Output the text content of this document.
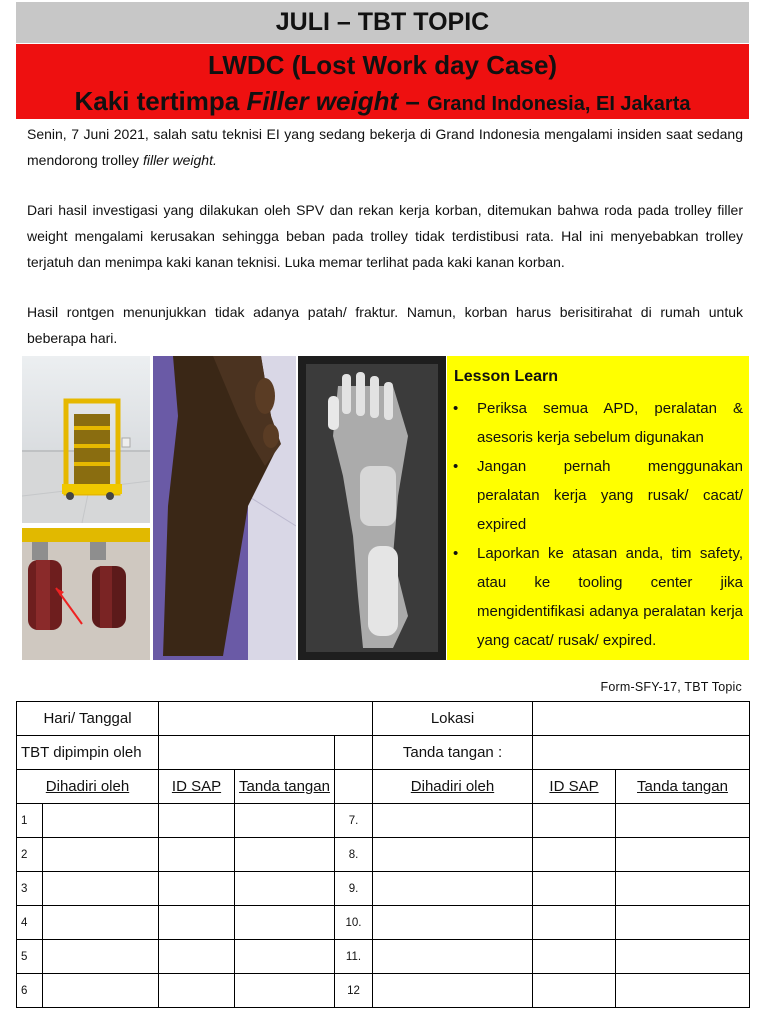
JULI – TBT TOPIC
LWDC (Lost Work day Case)
Kaki tertimpa Filler weight – Grand Indonesia, EI Jakarta
Senin, 7 Juni 2021, salah satu teknisi EI yang sedang bekerja di Grand Indonesia mengalami insiden saat sedang mendorong trolley filler weight.
Dari hasil investigasi yang dilakukan oleh SPV dan rekan kerja korban, ditemukan bahwa roda pada trolley filler weight mengalami kerusakan sehingga beban pada trolley tidak terdistibusi rata. Hal ini menyebabkan trolley terjatuh dan menimpa kaki kanan teknisi. Luka memar terlihat pada kaki kanan korban.
Hasil rontgen menunjukkan tidak adanya patah/ fraktur. Namun, korban harus berisitirahat di rumah untuk beberapa hari.
Lesson Learn
• Periksa semua APD, peralatan & asesoris kerja sebelum digunakan
• Jangan pernah menggunakan peralatan kerja yang rusak/ cacat/ expired
• Laporkan ke atasan anda, tim safety, atau ke tooling center jika mengidentifikasi adanya peralatan kerja yang cacat/ rusak/ expired.
Form-SFY-17, TBT Topic
Hari/ Tanggal					Lokasi		
TBT dipimpin oleh					Tanda tangan :		
Dihadiri oleh		ID SAP	Tanda tangan		Dihadiri oleh	ID SAP	Tanda tangan
1				7.			
2				8.			
3				9.			
4				10.			
5				11.			
6				12			
